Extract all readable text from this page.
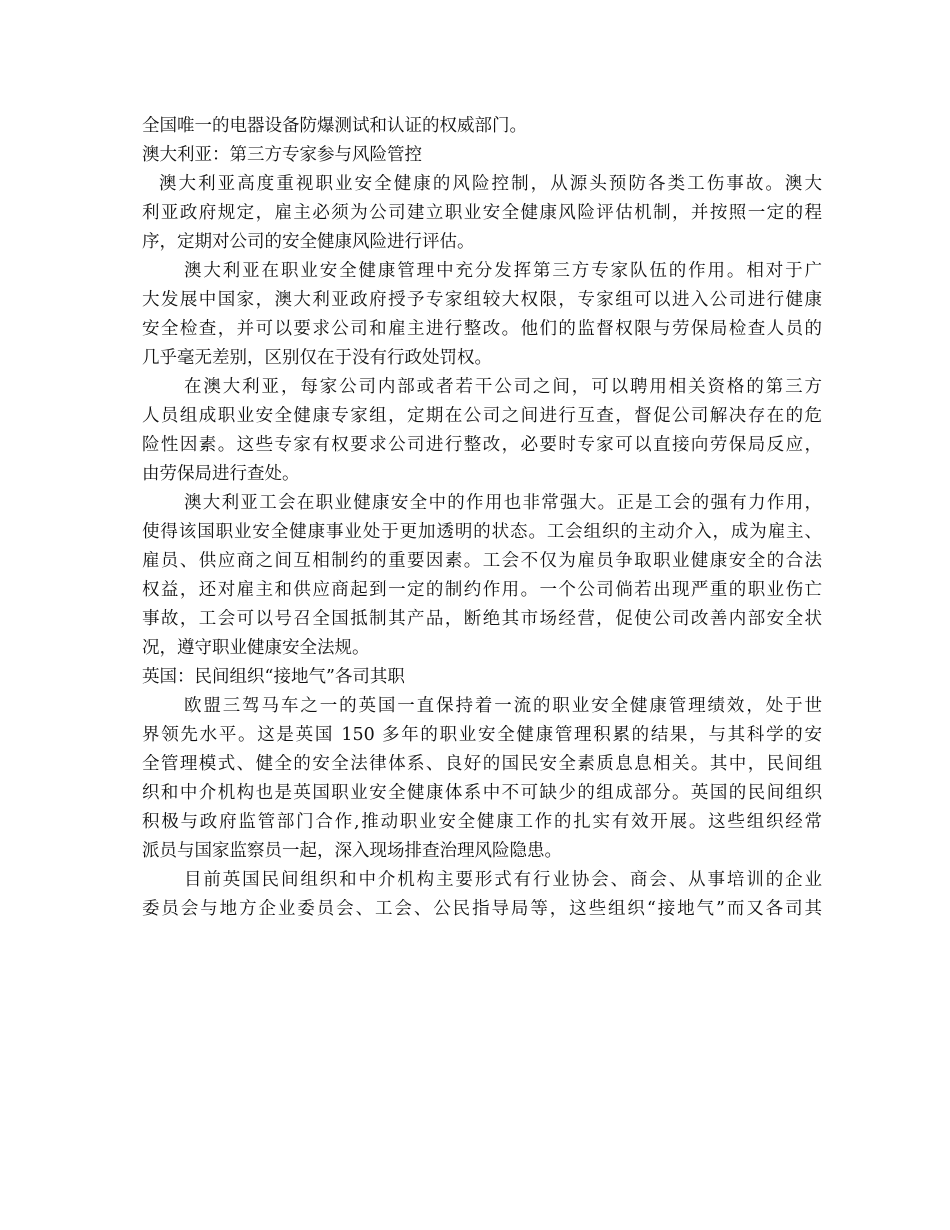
全国唯一的电器设备防爆测试和认证的权威部门。

澳大利亚：第三方专家参与风险管控

澳大利亚高度重视职业安全健康的风险控制，从源头预防各类工伤事故。澳大

利亚政府规定，雇主必须为公司建立职业安全健康风险评估机制，并按照一定的程

序，定期对公司的安全健康风险进行评估。

澳大利亚在职业安全健康管理中充分发挥第三方专家队伍的作用。相对于广

大发展中国家，澳大利亚政府授予专家组较大权限，专家组可以进入公司进行健康

安全检查，并可以要求公司和雇主进行整改。他们的监督权限与劳保局检查人员的

几乎毫无差别，区别仅在于没有行政处罚权。

在澳大利亚，每家公司内部或者若干公司之间，可以聘用相关资格的第三方

人员组成职业安全健康专家组，定期在公司之间进行互查，督促公司解决存在的危

险性因素。这些专家有权要求公司进行整改，必要时专家可以直接向劳保局反应，

由劳保局进行查处。

澳大利亚工会在职业健康安全中的作用也非常强大。正是工会的强有力作用，

使得该国职业安全健康事业处于更加透明的状态。工会组织的主动介入，成为雇主、

雇员、供应商之间互相制约的重要因素。工会不仅为雇员争取职业健康安全的合法

权益，还对雇主和供应商起到一定的制约作用。一个公司倘若出现严重的职业伤亡

事故，工会可以号召全国抵制其产品，断绝其市场经营，促使公司改善内部安全状

况，遵守职业健康安全法规。

英国：民间组织“接地气”各司其职

欧盟三驾马车之一的英国一直保持着一流的职业安全健康管理绩效，处于世

界领先水平。这是英国 150 多年的职业安全健康管理积累的结果，与其科学的安

全管理模式、健全的安全法律体系、良好的国民安全素质息息相关。其中，民间组

织和中介机构也是英国职业安全健康体系中不可缺少的组成部分。英国的民间组织

积极与政府监管部门合作,推动职业安全健康工作的扎实有效开展。这些组织经常

派员与国家监察员一起，深入现场排查治理风险隐患。

目前英国民间组织和中介机构主要形式有行业协会、商会、从事培训的企业

委员会与地方企业委员会、工会、公民指导局等，这些组织“接地气”而又各司其
